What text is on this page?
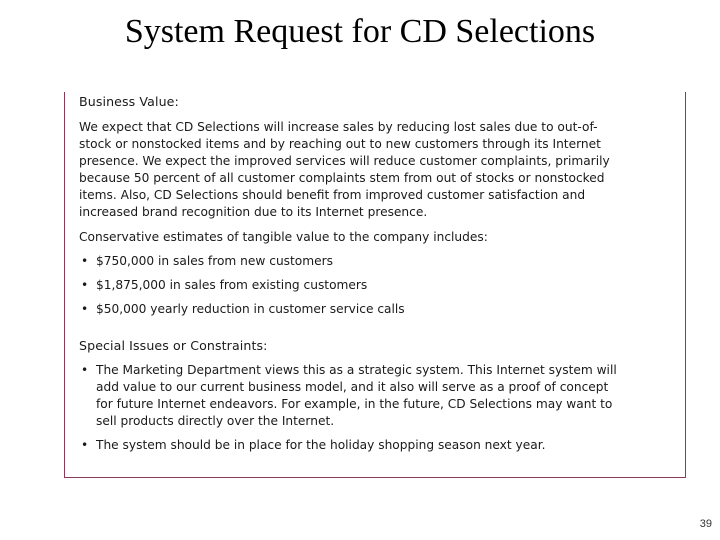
System Request for CD Selections
Business Value:
We expect that CD Selections will increase sales by reducing lost sales due to out-of-
stock or nonstocked items and by reaching out to new customers through its Internet
presence. We expect the improved services will reduce customer complaints, primarily
because 50 percent of all customer complaints stem from out of stocks or nonstocked
items. Also, CD Selections should benefit from improved customer satisfaction and
increased brand recognition due to its Internet presence.
Conservative estimates of tangible value to the company includes:
• $750,000 in sales from new customers
• $1,875,000 in sales from existing customers
• $50,000 yearly reduction in customer service calls
Special Issues or Constraints:
• The Marketing Department views this as a strategic system. This Internet system will
add value to our current business model, and it also will serve as a proof of concept
for future Internet endeavors. For example, in the future, CD Selections may want to
sell products directly over the Internet.
• The system should be in place for the holiday shopping season next year.
39
